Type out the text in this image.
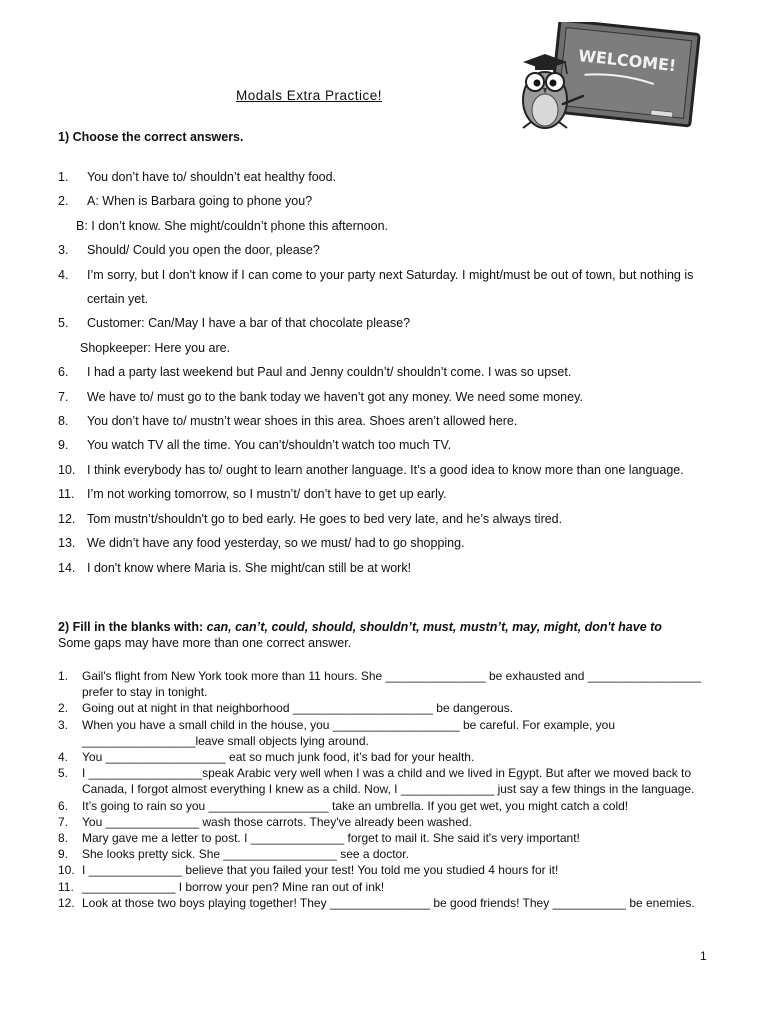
WELCOME!
Modals Extra Practice!
1) Choose the correct answers.
1.	You don’t have to/ shouldn’t eat healthy food.
2.	A: When is Barbara going to phone you?
B: I don’t know. She might/couldn’t phone this afternoon.
3.	Should/ Could you open the door, please?
4.	I’m sorry, but I don't know if I can come to your party next Saturday. I might/must be out of town, but nothing is certain yet.
5.	Customer: Can/May I have a bar of that chocolate please?
Shopkeeper: Here you are.
6.	I had a party last weekend but Paul and Jenny couldn’t/ shouldn’t come. I was so upset.
7.	We have to/ must go to the bank today we haven’t got any money. We need some money.
8.	You don’t have to/ mustn’t wear shoes in this area. Shoes aren’t allowed here.
9.	You watch TV all the time. You can’t/shouldn’t watch too much TV.
10. I think everybody has to/ ought to learn another language. It’s a good idea to know more than one language.
11.	I’m not working tomorrow, so I mustn’t/ don’t have to get up early.
12. Tom mustn’t/shouldn't go to bed early. He goes to bed very late, and he’s always tired.
13. We didn’t have any food yesterday, so we must/ had to go shopping.
14. I don't know where Maria is. She might/can still be at work!
2) Fill in the blanks with: can, can’t, could, should, shouldn’t, must, mustn’t, may, might, don't have to
Some gaps may have more than one correct answer.
1.	Gail's flight from New York took more than 11 hours. She _______________ be exhausted and _________________ prefer to stay in tonight.
2.	Going out at night in that neighborhood _____________________ be dangerous.
3.	When you have a small child in the house, you ___________________ be careful. For example, you _________________leave small objects lying around.
4.	You __________________ eat so much junk food, it’s bad for your health.
5.	I _________________speak Arabic very well when I was a child and we lived in Egypt. But after we moved back to Canada, I forgot almost everything I knew as a child. Now, I ______________ just say a few things in the language.
6.	It’s going to rain so you __________________ take an umbrella. If you get wet, you might catch a cold!
7.	You ______________ wash those carrots. They've already been washed.
8.	Mary gave me a letter to post. I ______________ forget to mail it. She said it's very important!
9.	She looks pretty sick. She _________________ see a doctor.
10. I ______________ believe that you failed your test! You told me you studied 4 hours for it!
11. ______________ I borrow your pen? Mine ran out of ink!
12. Look at those two boys playing together! They _______________ be good friends! They ___________ be enemies.
1
